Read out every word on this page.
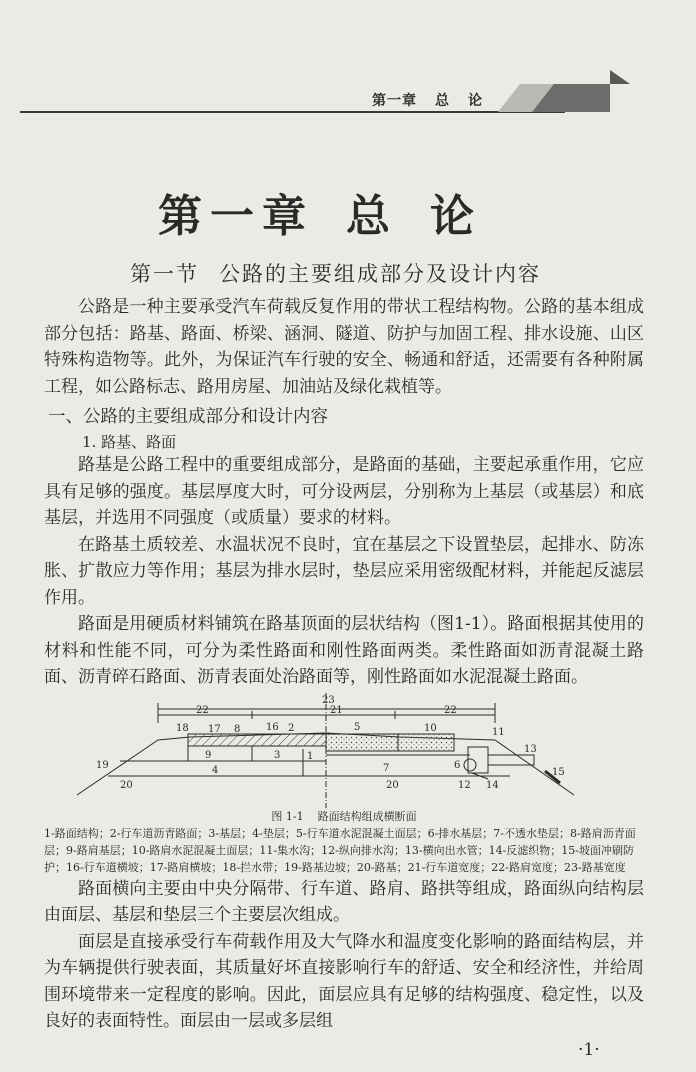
第一章 总 论
第一章 总 论
第一节 公路的主要组成部分及设计内容

公路是一种主要承受汽车荷载反复作用的带状工程结构物。公路的基本组成部分包括：路基、路面、桥梁、涵洞、隧道、防护与加固工程、排水设施、山区特殊构造物等。此外，为保证汽车行驶的安全、畅通和舒适，还需要有各种附属工程，如公路标志、路用房屋、加油站及绿化栽植等。

一、公路的主要组成部分和设计内容
1. 路基、路面

路基是公路工程中的重要组成部分，是路面的基础，主要起承重作用，它应具有足够的强度。基层厚度大时，可分设两层，分别称为上基层（或基层）和底基层，并选用不同强度（或质量）要求的材料。

在路基土质较差、水温状况不良时，宜在基层之下设置垫层，起排水、防冻胀、扩散应力等作用；基层为排水层时，垫层应采用密级配材料，并能起反滤层作用。

路面是用硬质材料铺筑在路基顶面的层状结构（图1-1）。路面根据其使用的材料和性能不同，可分为柔性路面和刚性路面两类。柔性路面如沥青混凝土路面、沥青碎石路面、沥青表面处治路面等，刚性路面如水泥混凝土路面。

23
22	21	22
18 17 8	16 2	5	10	11
9	3	1
4	7	6
13
19
15
12 14
20	20
图 1-1 路面结构组成横断面
1-路面结构；2-行车道沥青路面；3-基层；4-垫层；5-行车道水泥混凝土面层；6-排水基层；7-不透水垫层；8-路肩沥青面层；9-路肩基层；10-路肩水泥混凝土面层；11-集水沟；12-纵向排水沟；13-横向出水管；14-反滤织物；15-坡面冲刷防护；16-行车道横坡；17-路肩横坡；18-拦水带；19-路基边坡；20-路基；21-行车道宽度；22-路肩宽度；23-路基宽度

路面横向主要由中央分隔带、行车道、路肩、路拱等组成，路面纵向结构层由面层、基层和垫层三个主要层次组成。

面层是直接承受行车荷载作用及大气降水和温度变化影响的路面结构层，并为车辆提供行驶表面，其质量好坏直接影响行车的舒适、安全和经济性，并给周围环境带来一定程度的影响。因此，面层应具有足够的结构强度、稳定性，以及良好的表面特性。面层由一层或多层组

·1·
